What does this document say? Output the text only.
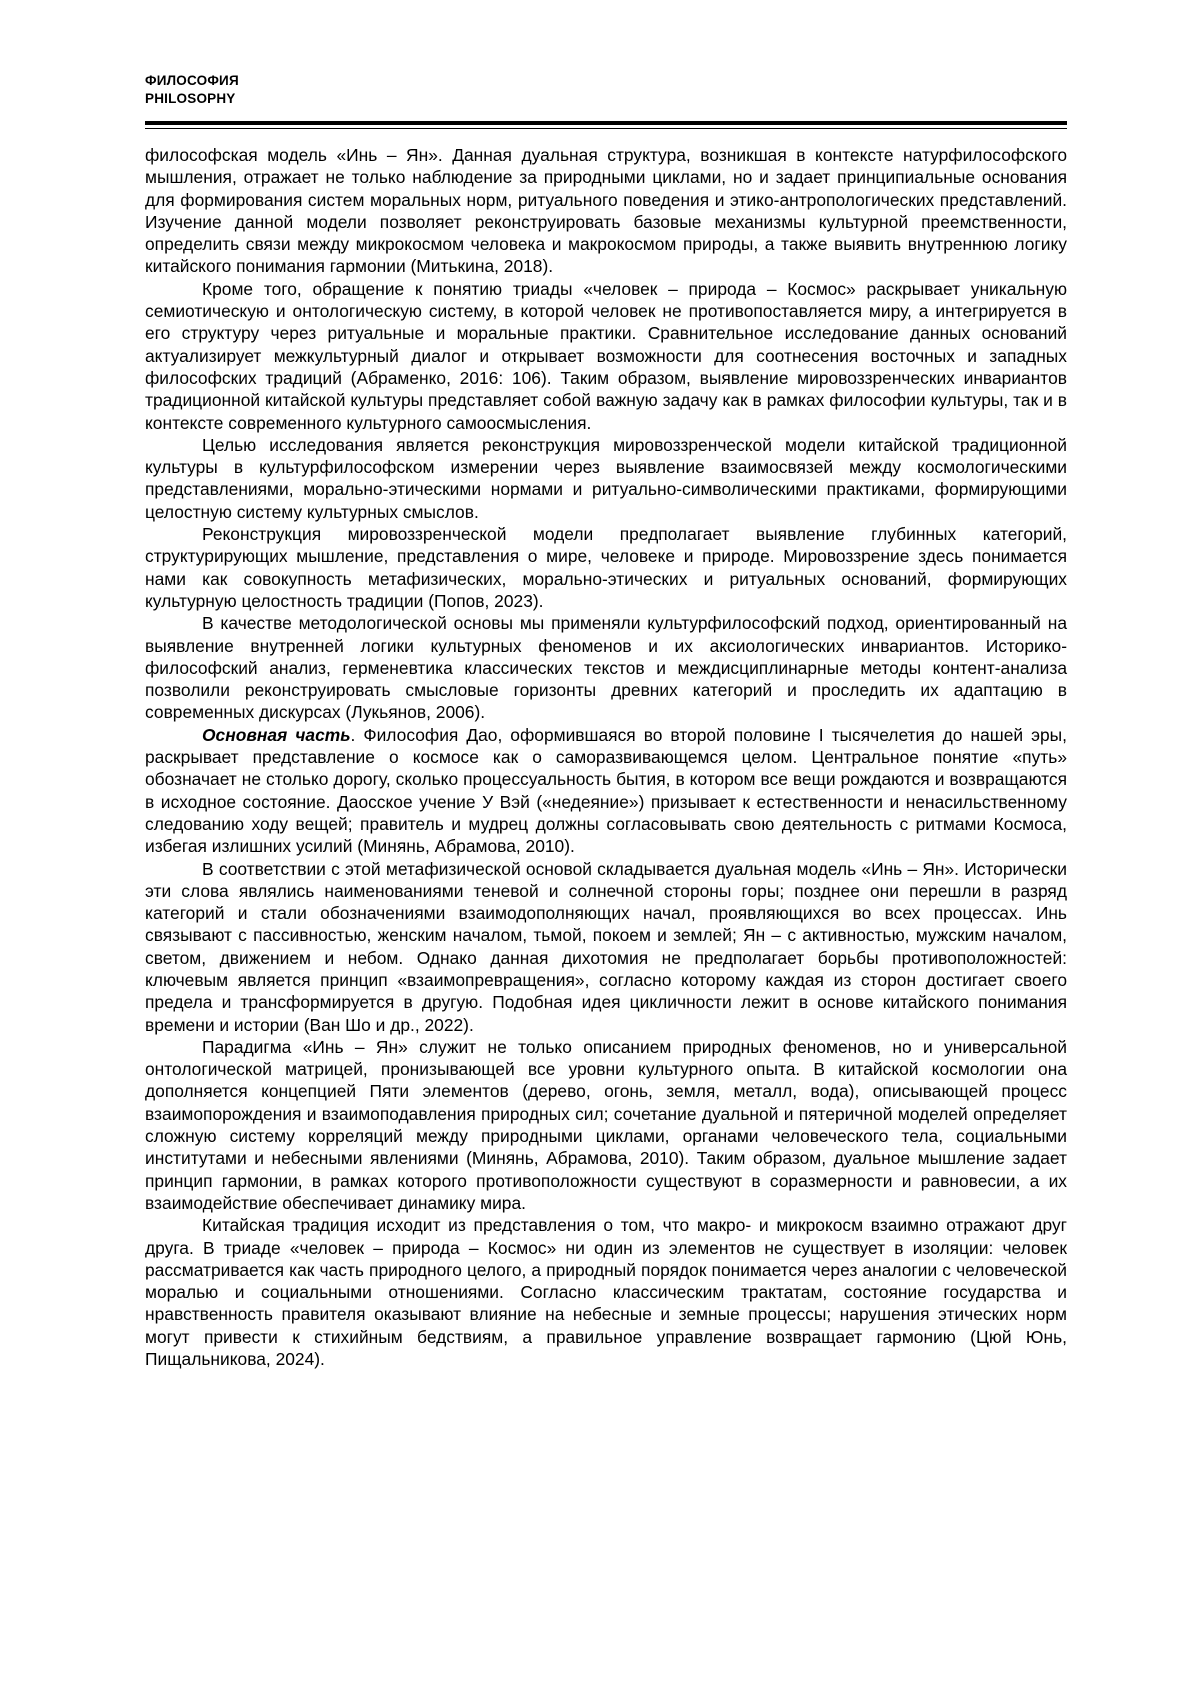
ФИЛОСОФИЯ
PHILOSOPHY

философская модель «Инь – Ян». Данная дуальная структура, возникшая в контексте натурфилософского мышления, отражает не только наблюдение за природными циклами, но и задает принципиальные основания для формирования систем моральных норм, ритуального поведения и этико-антропологических представлений. Изучение данной модели позволяет реконструировать базовые механизмы культурной преемственности, определить связи между микрокосмом человека и макрокосмом природы, а также выявить внутреннюю логику китайского понимания гармонии (Митькина, 2018).

Кроме того, обращение к понятию триады «человек – природа – Космос» раскрывает уникальную семиотическую и онтологическую систему, в которой человек не противопоставляется миру, а интегрируется в его структуру через ритуальные и моральные практики. Сравнительное исследование данных оснований актуализирует межкультурный диалог и открывает возможности для соотнесения восточных и западных философских традиций (Абраменко, 2016: 106). Таким образом, выявление мировоззренческих инвариантов традиционной китайской культуры представляет собой важную задачу как в рамках философии культуры, так и в контексте современного культурного самоосмысления.

Целью исследования является реконструкция мировоззренческой модели китайской традиционной культуры в культурфилософском измерении через выявление взаимосвязей между космологическими представлениями, морально-этическими нормами и ритуально-символическими практиками, формирующими целостную систему культурных смыслов.

Реконструкция мировоззренческой модели предполагает выявление глубинных категорий, структурирующих мышление, представления о мире, человеке и природе. Мировоззрение здесь понимается нами как совокупность метафизических, морально-этических и ритуальных оснований, формирующих культурную целостность традиции (Попов, 2023).

В качестве методологической основы мы применяли культурфилософский подход, ориентированный на выявление внутренней логики культурных феноменов и их аксиологических инвариантов. Историко-философский анализ, герменевтика классических текстов и междисциплинарные методы контент-анализа позволили реконструировать смысловые горизонты древних категорий и проследить их адаптацию в современных дискурсах (Лукьянов, 2006).

Основная часть. Философия Дао, оформившаяся во второй половине I тысячелетия до нашей эры, раскрывает представление о космосе как о саморазвивающемся целом. Центральное понятие «путь» обозначает не столько дорогу, сколько процессуальность бытия, в котором все вещи рождаются и возвращаются в исходное состояние. Даосское учение У Вэй («недеяние») призывает к естественности и ненасильственному следованию ходу вещей; правитель и мудрец должны согласовывать свою деятельность с ритмами Космоса, избегая излишних усилий (Минянь, Абрамова, 2010).

В соответствии с этой метафизической основой складывается дуальная модель «Инь – Ян». Исторически эти слова являлись наименованиями теневой и солнечной стороны горы; позднее они перешли в разряд категорий и стали обозначениями взаимодополняющих начал, проявляющихся во всех процессах. Инь связывают с пассивностью, женским началом, тьмой, покоем и землей; Ян – с активностью, мужским началом, светом, движением и небом. Однако данная дихотомия не предполагает борьбы противоположностей: ключевым является принцип «взаимопревращения», согласно которому каждая из сторон достигает своего предела и трансформируется в другую. Подобная идея цикличности лежит в основе китайского понимания времени и истории (Ван Шо и др., 2022).

Парадигма «Инь – Ян» служит не только описанием природных феноменов, но и универсальной онтологической матрицей, пронизывающей все уровни культурного опыта. В китайской космологии она дополняется концепцией Пяти элементов (дерево, огонь, земля, металл, вода), описывающей процесс взаимопорождения и взаимоподавления природных сил; сочетание дуальной и пятеричной моделей определяет сложную систему корреляций между природными циклами, органами человеческого тела, социальными институтами и небесными явлениями (Минянь, Абрамова, 2010). Таким образом, дуальное мышление задает принцип гармонии, в рамках которого противоположности существуют в соразмерности и равновесии, а их взаимодействие обеспечивает динамику мира.

Китайская традиция исходит из представления о том, что макро- и микрокосм взаимно отражают друг друга. В триаде «человек – природа – Космос» ни один из элементов не существует в изоляции: человек рассматривается как часть природного целого, а природный порядок понимается через аналогии с человеческой моралью и социальными отношениями. Согласно классическим трактатам, состояние государства и нравственность правителя оказывают влияние на небесные и земные процессы; нарушения этических норм могут привести к стихийным бедствиям, а правильное управление возвращает гармонию (Цюй Юнь, Пищальникова, 2024).
